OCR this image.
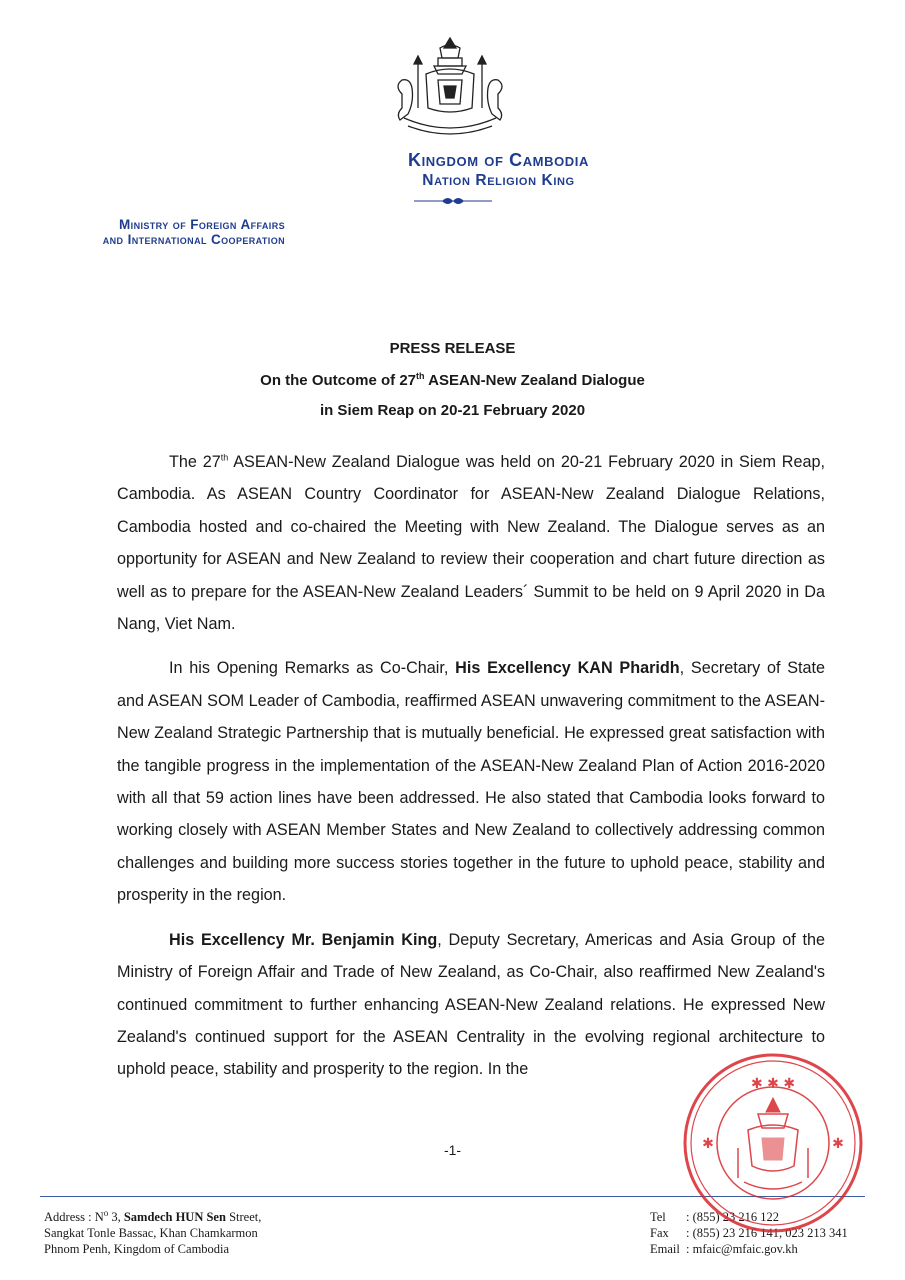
Kingdom of Cambodia
Nation Religion King
Ministry of Foreign Affairs
and International Cooperation
PRESS RELEASE
On the Outcome of 27th ASEAN-New Zealand Dialogue
in Siem Reap on 20-21 February 2020

The 27th ASEAN-New Zealand Dialogue was held on 20-21 February 2020 in Siem Reap, Cambodia. As ASEAN Country Coordinator for ASEAN-New Zealand Dialogue Relations, Cambodia hosted and co-chaired the Meeting with New Zealand. The Dialogue serves as an opportunity for ASEAN and New Zealand to review their cooperation and chart future direction as well as to prepare for the ASEAN-New Zealand Leaders´ Summit to be held on 9 April 2020 in Da Nang, Viet Nam.

In his Opening Remarks as Co-Chair, His Excellency KAN Pharidh, Secretary of State and ASEAN SOM Leader of Cambodia, reaffirmed ASEAN unwavering commitment to the ASEAN-New Zealand Strategic Partnership that is mutually beneficial. He expressed great satisfaction with the tangible progress in the implementation of the ASEAN-New Zealand Plan of Action 2016-2020 with all that 59 action lines have been addressed. He also stated that Cambodia looks forward to working closely with ASEAN Member States and New Zealand to collectively addressing common challenges and building more success stories together in the future to uphold peace, stability and prosperity in the region.

His Excellency Mr. Benjamin King, Deputy Secretary, Americas and Asia Group of the Ministry of Foreign Affair and Trade of New Zealand, as Co-Chair, also reaffirmed New Zealand's continued commitment to further enhancing ASEAN-New Zealand relations. He expressed New Zealand's continued support for the ASEAN Centrality in the evolving regional architecture to uphold peace, stability and prosperity to the region. In the

-1-
Address : $N^o$ 3, Samdech HUN Sen Street,
Sangkat Tonle Bassac, Khan Chamkarmon
Phnom Penh, Kingdom of Cambodia
Tel : (855) 23 216 122
Fax : (855) 23 216 141, 023 213 341
Email : mfaic@mfaic.gov.kh
✱ ✱ ✱
✱	✱
